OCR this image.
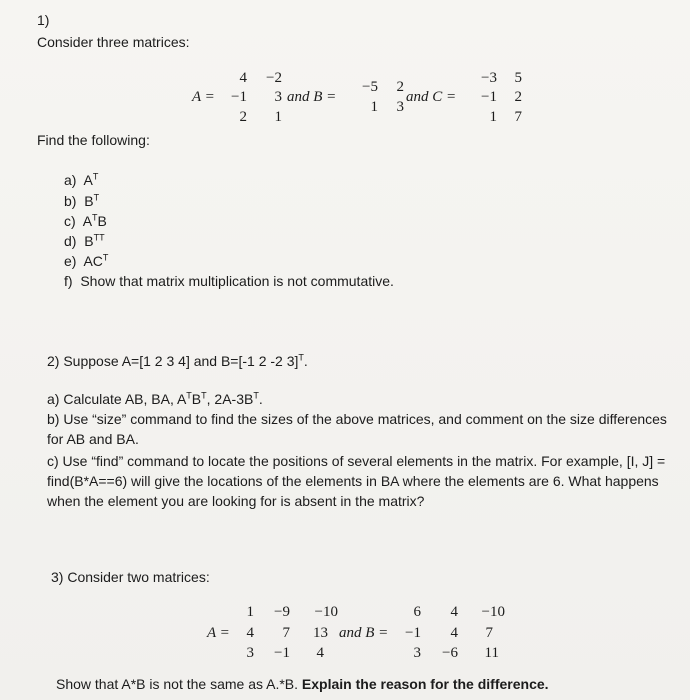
1)
Consider three matrices:
A =
4	−2
−1	3
2	1
and B =
−5	2
1	3
and C =
−3	5
−1	2
1	7
Find the following:
a) $A^T$
b) $B^T$
c) $A^TB$
d) $B^{TT}$
e) $AC^T$
f) Show that matrix multiplication is not commutative.
2) Suppose A=[1 2 3 4] and B=[-1 2 -2 3]$^T$.
a) Calculate AB, BA, $A^TB^T$, $2A-3B^T$.
b) Use “size” command to find the sizes of the above matrices, and comment on the size differences for AB and BA.
c) Use “find” command to locate the positions of several elements in the matrix. For example, [I, J] = find(B*A==6) will give the locations of the elements in BA where the elements are 6. What happens when the element you are looking for is absent in the matrix?
3) Consider two matrices:
A =
1	−9	−10
4	7	13
3	−1	4
and B =
6	4	−10
−1	4	7
3	−6	11
Show that A*B is not the same as A.*B. Explain the reason for the difference.
